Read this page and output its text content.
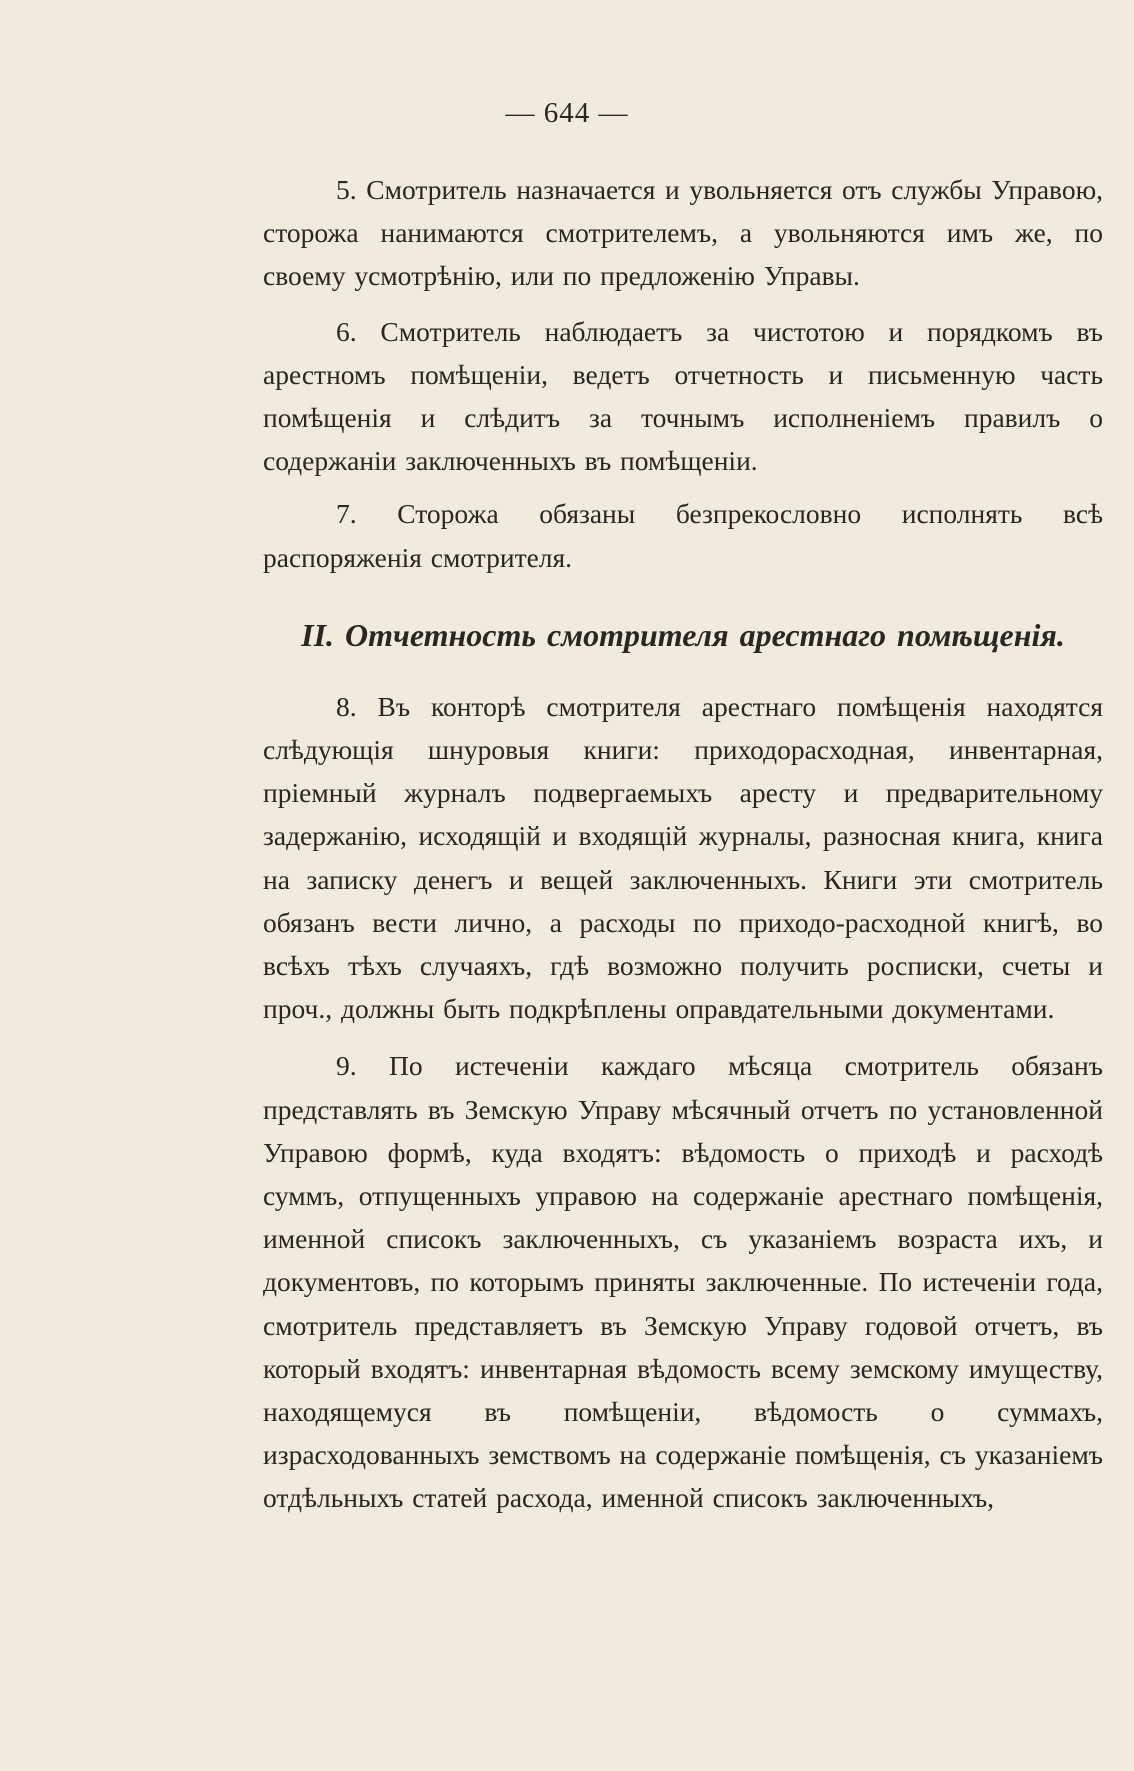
— 644 —

5. Смотритель назначается и увольняется отъ службы Управою, сторожа нанимаются смотрителемъ, а увольняются имъ же, по своему усмотрѣнію, или по предложенію Управы.

6. Смотритель наблюдаетъ за чистотою и порядкомъ въ арестномъ помѣщеніи, ведетъ отчетность и письменную часть помѣщенія и слѣдитъ за точнымъ исполненіемъ правилъ о содержаніи заключенныхъ въ помѣщеніи.

7. Сторожа обязаны безпрекословно исполнять всѣ распоряженія смотрителя.

II. Отчетность смотрителя арестнаго помѣщенія.

8. Въ конторѣ смотрителя арестнаго помѣщенія находятся слѣдующія шнуровыя книги: приходорасходная, инвентарная, пріемный журналъ подвергаемыхъ аресту и предварительному задержанію, исходящій и входящій журналы, разносная книга, книга на записку денегъ и вещей заключенныхъ. Книги эти смотритель обязанъ вести лично, а расходы по приходо-расходной книгѣ, во всѣхъ тѣхъ случаяхъ, гдѣ возможно получить росписки, счеты и проч., должны быть подкрѣплены оправдательными документами.

9. По истеченіи каждаго мѣсяца смотритель обязанъ представлять въ Земскую Управу мѣсячный отчетъ по установленной Управою формѣ, куда входятъ: вѣдомость о приходѣ и расходѣ суммъ, отпущенныхъ управою на содержаніе арестнаго помѣщенія, именной списокъ заключенныхъ, съ указаніемъ возраста ихъ, и документовъ, по которымъ приняты заключенные. По истеченіи года, смотритель представляетъ въ Земскую Управу годовой отчетъ, въ который входятъ: инвентарная вѣдомость всему земскому имуществу, находящемуся въ помѣщеніи, вѣдомость о суммахъ, израсходованныхъ земствомъ на содержаніе помѣщенія, съ указаніемъ отдѣльныхъ статей расхода, именной списокъ заключенныхъ,
